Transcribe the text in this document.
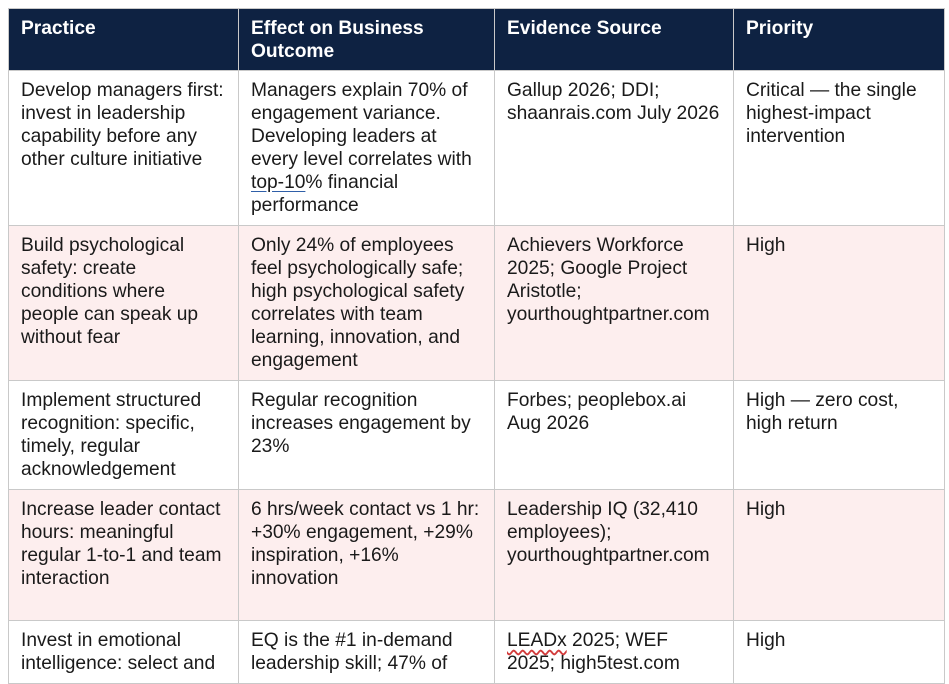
Practice	Effect on Business Outcome	Evidence Source	Priority
Develop managers first: invest in leadership capability before any other culture initiative	Managers explain 70% of engagement variance. Developing leaders at every level correlates with top-10% financial performance	Gallup 2026; DDI; shaanrais.com July 2026	Critical — the single highest-impact intervention
Build psychological safety: create conditions where people can speak up without fear	Only 24% of employees feel psychologically safe; high psychological safety correlates with team learning, innovation, and engagement	Achievers Workforce 2025; Google Project Aristotle; yourthoughtpartner.com	High
Implement structured recognition: specific, timely, regular acknowledgement	Regular recognition increases engagement by 23%	Forbes; peoplebox.ai Aug 2026	High — zero cost, high return
Increase leader contact hours: meaningful regular 1-to-1 and team interaction	6 hrs/week contact vs 1 hr: +30% engagement, +29% inspiration, +16% innovation	Leadership IQ (32,410 employees); yourthoughtpartner.com	High
Invest in emotional intelligence: select and	EQ is the #1 in-demand leadership skill; 47% of	LEADx 2025; WEF 2025; high5test.com	High
